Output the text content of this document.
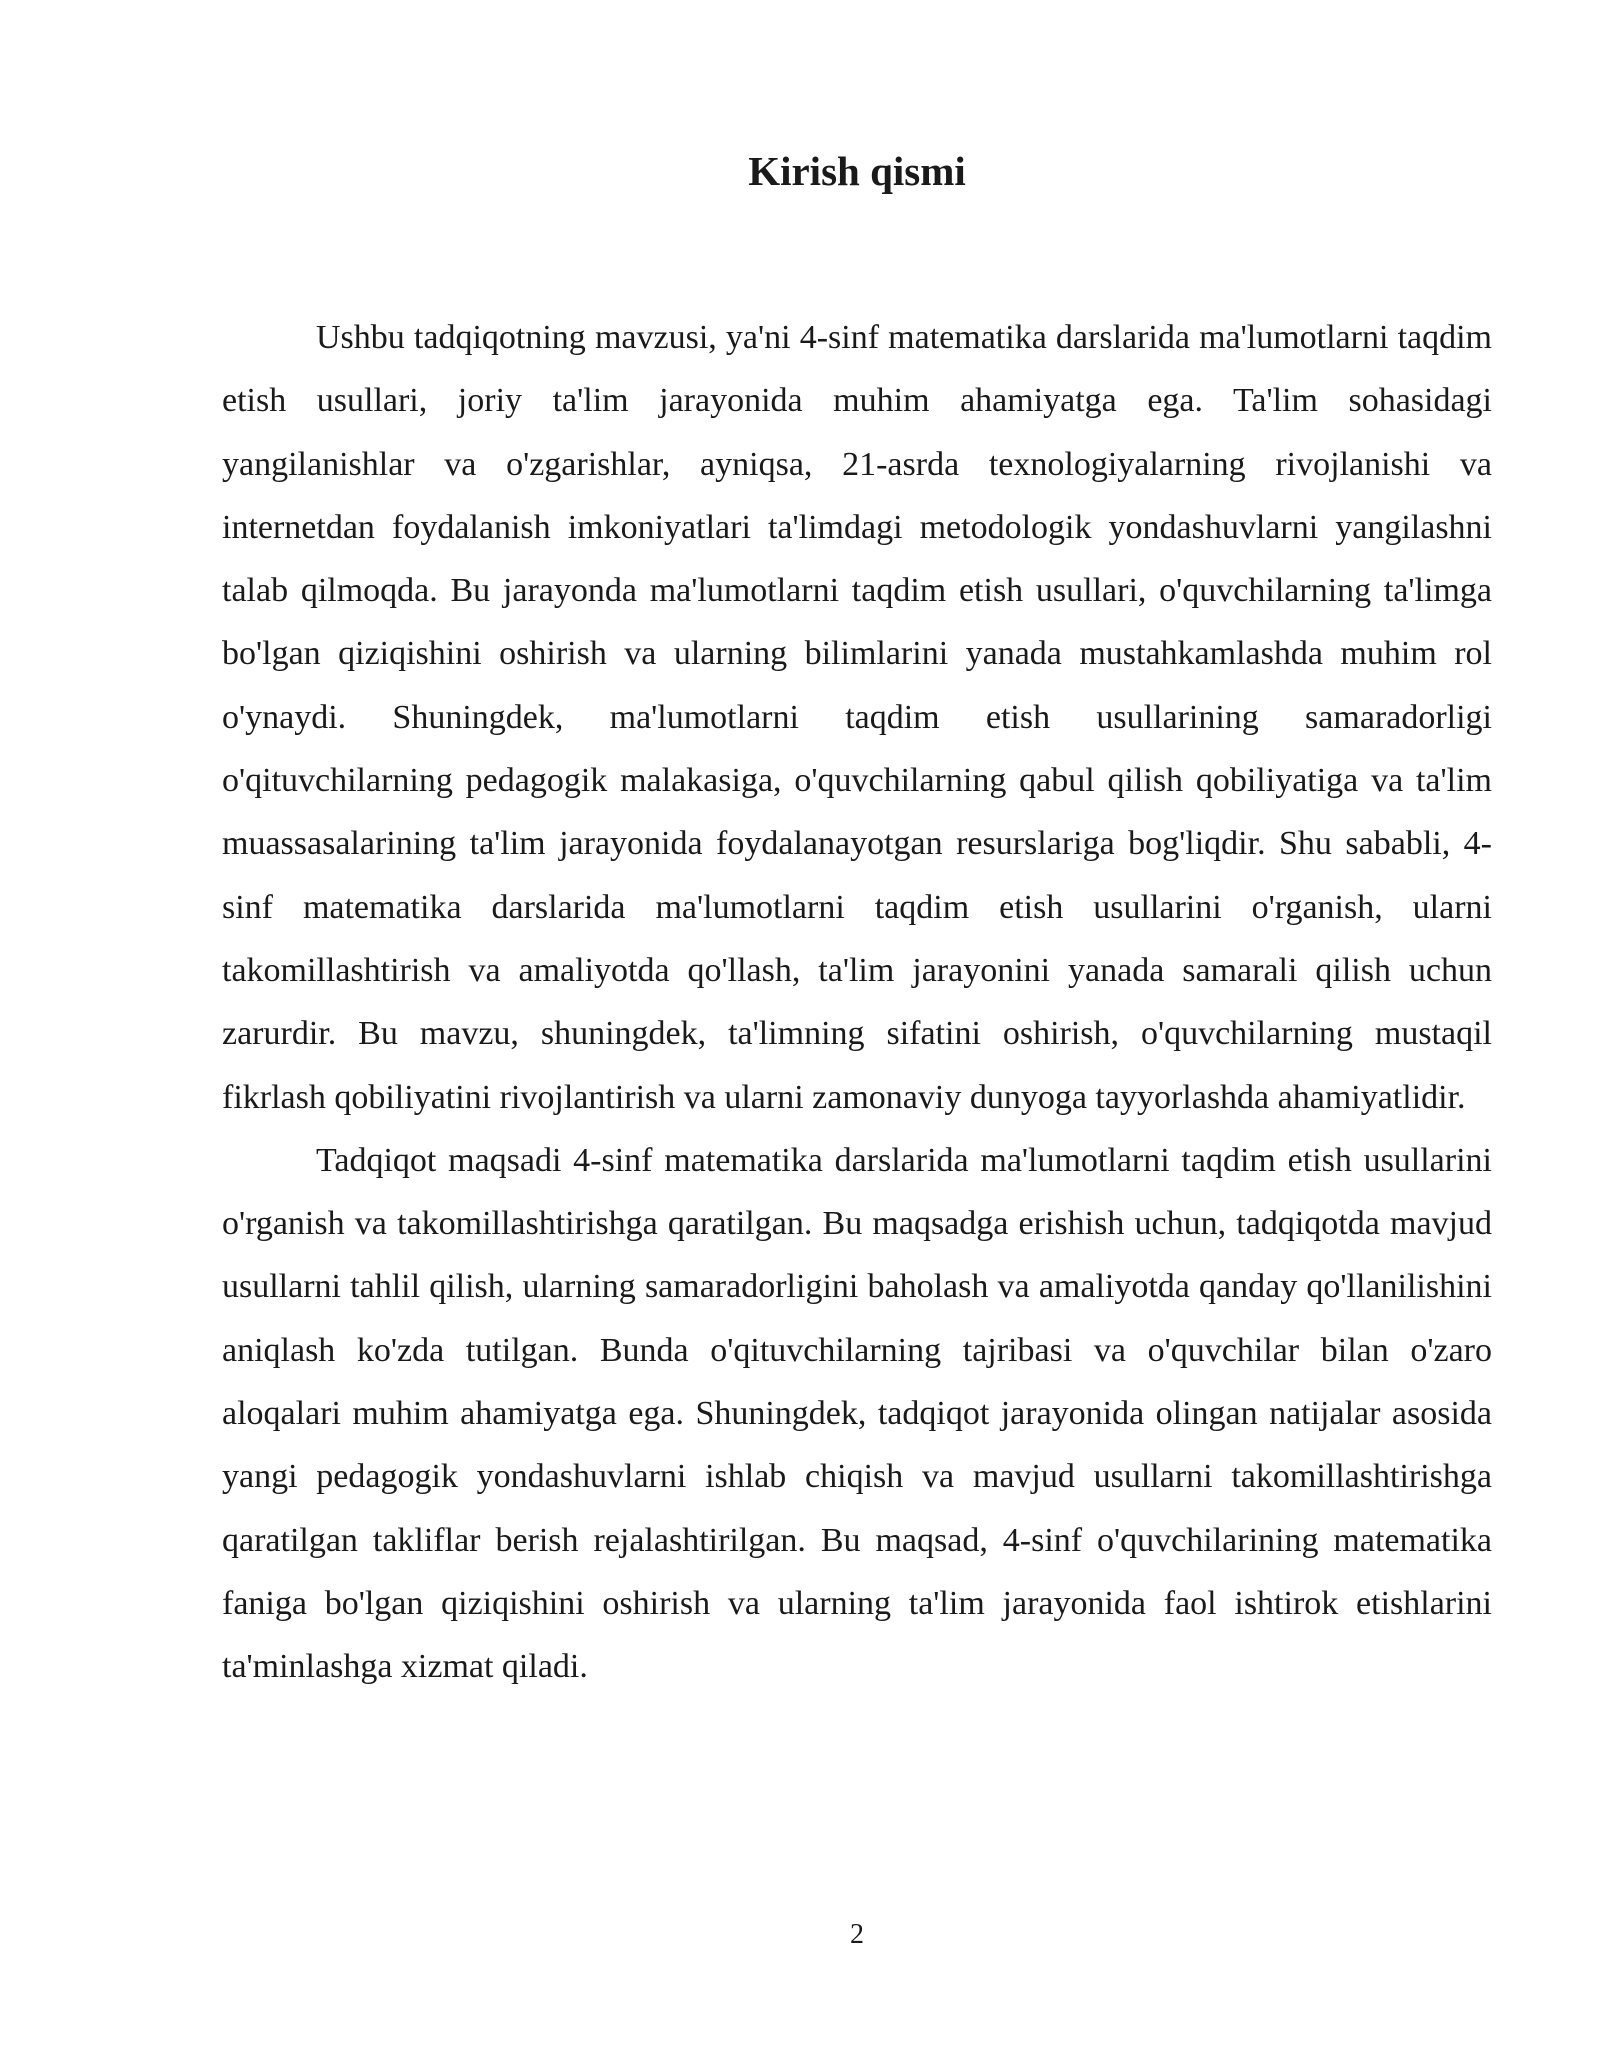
Kirish qismi

Ushbu tadqiqotning mavzusi, ya'ni 4-sinf matematika darslarida ma'lumotlarni taqdim etish usullari, joriy ta'lim jarayonida muhim ahamiyatga ega. Ta'lim sohasidagi yangilanishlar va o'zgarishlar, ayniqsa, 21-asrda texnologiyalarning rivojlanishi va internetdan foydalanish imkoniyatlari ta'limdagi metodologik yondashuvlarni yangilashni talab qilmoqda. Bu jarayonda ma'lumotlarni taqdim etish usullari, o'quvchilarning ta'limga bo'lgan qiziqishini oshirish va ularning bilimlarini yanada mustahkamlashda muhim rol o'ynaydi. Shuningdek, ma'lumotlarni taqdim etish usullarining samaradorligi o'qituvchilarning pedagogik malakasiga, o'quvchilarning qabul qilish qobiliyatiga va ta'lim muassasalarining ta'lim jarayonida foydalanayotgan resurslariga bog'liqdir. Shu sababli, 4-sinf matematika darslarida ma'lumotlarni taqdim etish usullarini o'rganish, ularni takomillashtirish va amaliyotda qo'llash, ta'lim jarayonini yanada samarali qilish uchun zarurdir. Bu mavzu, shuningdek, ta'limning sifatini oshirish, o'quvchilarning mustaqil fikrlash qobiliyatini rivojlantirish va ularni zamonaviy dunyoga tayyorlashda ahamiyatlidir.

Tadqiqot maqsadi 4-sinf matematika darslarida ma'lumotlarni taqdim etish usullarini o'rganish va takomillashtirishga qaratilgan. Bu maqsadga erishish uchun, tadqiqotda mavjud usullarni tahlil qilish, ularning samaradorligini baholash va amaliyotda qanday qo'llanilishini aniqlash ko'zda tutilgan. Bunda o'qituvchilarning tajribasi va o'quvchilar bilan o'zaro aloqalari muhim ahamiyatga ega. Shuningdek, tadqiqot jarayonida olingan natijalar asosida yangi pedagogik yondashuvlarni ishlab chiqish va mavjud usullarni takomillashtirishga qaratilgan takliflar berish rejalashtirilgan. Bu maqsad, 4-sinf o'quvchilarining matematika faniga bo'lgan qiziqishini oshirish va ularning ta'lim jarayonida faol ishtirok etishlarini ta'minlashga xizmat qiladi.

2
